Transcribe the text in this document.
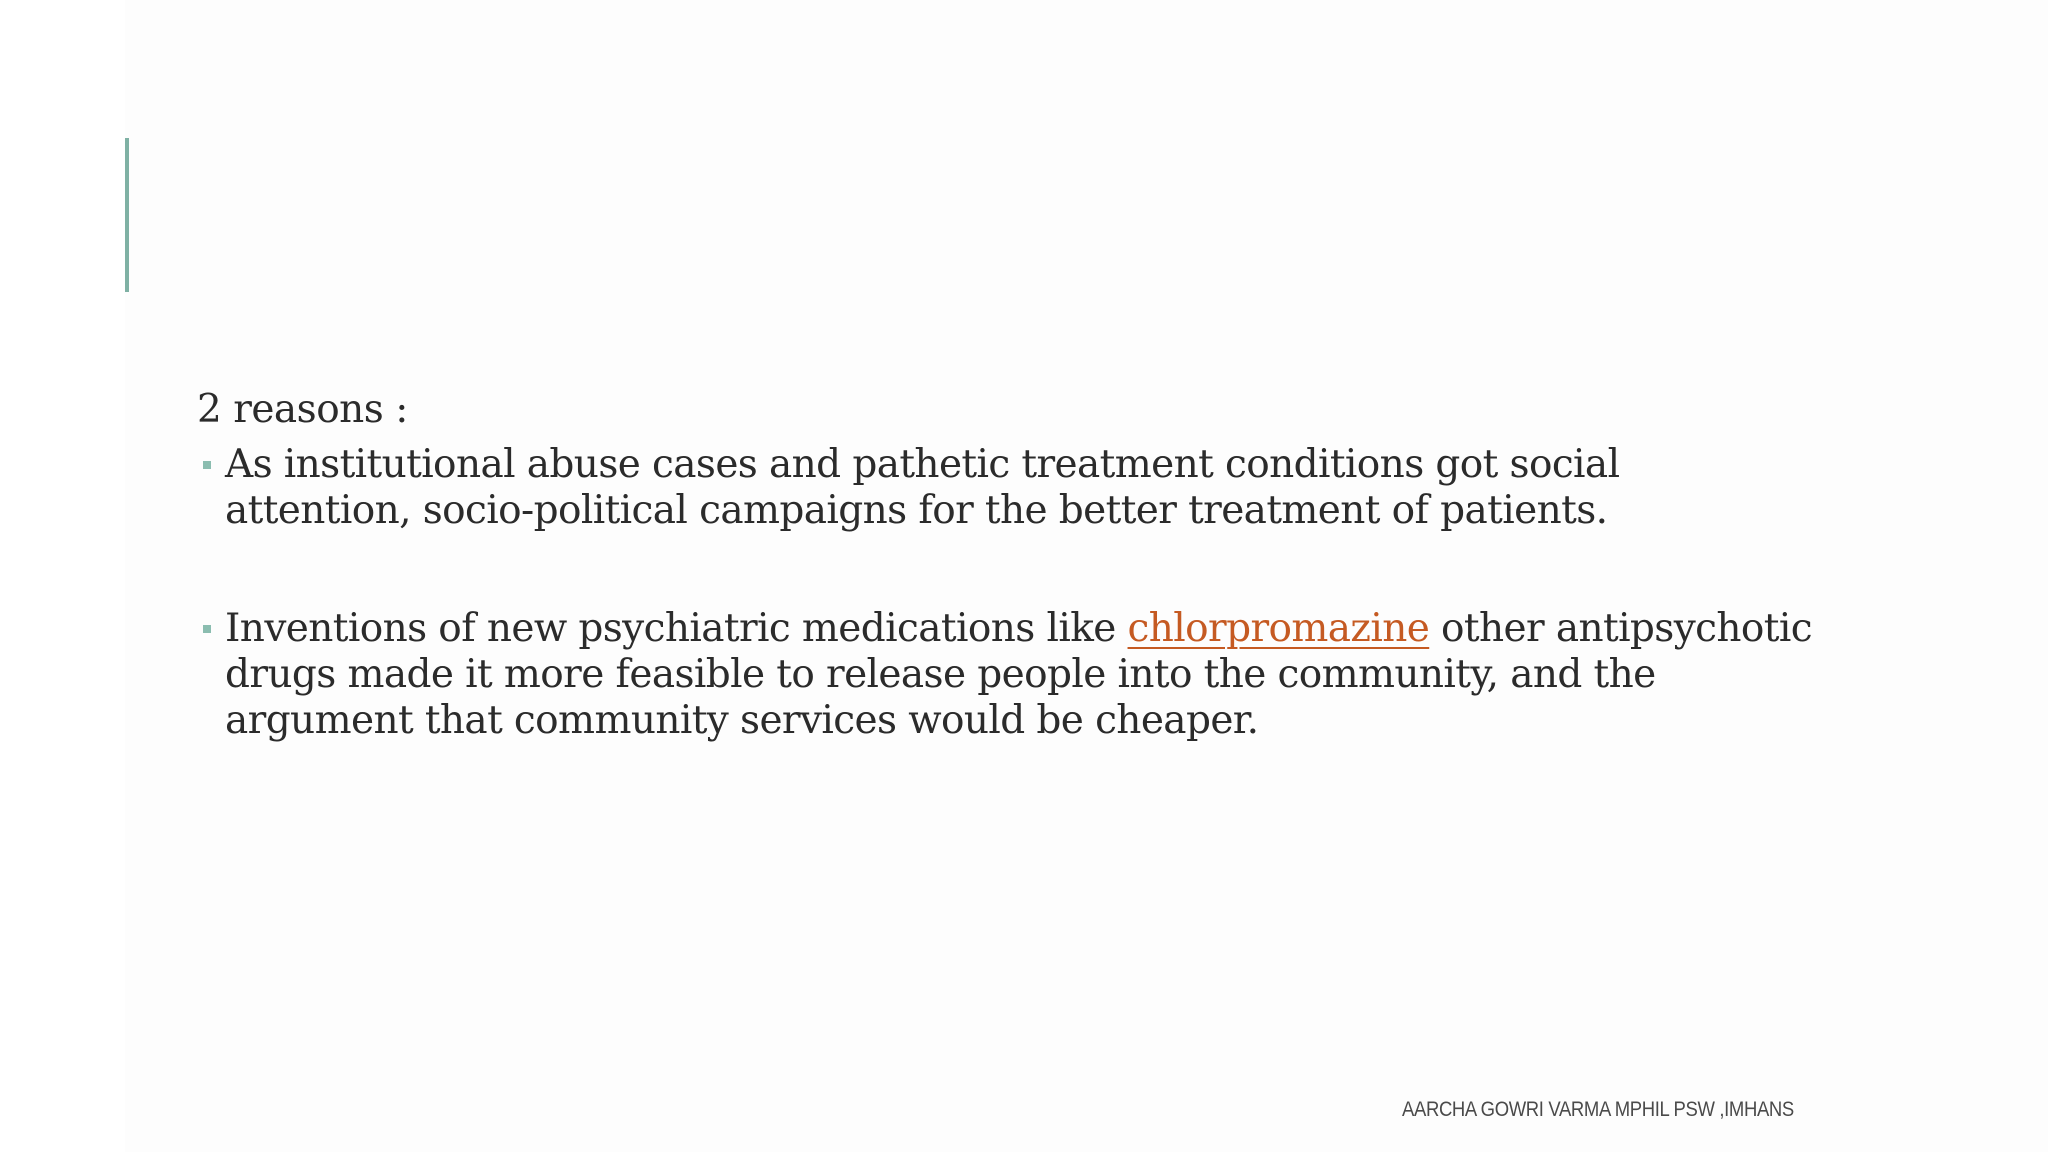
2 reasons :

As institutional abuse cases and pathetic treatment conditions got social attention, socio-political campaigns for the better treatment of patients.

Inventions of new psychiatric medications like chlorpromazine other antipsychotic drugs made it more feasible to release people into the community, and the argument that community services would be cheaper.

AARCHA GOWRI VARMA MPHIL PSW ,IMHANS
